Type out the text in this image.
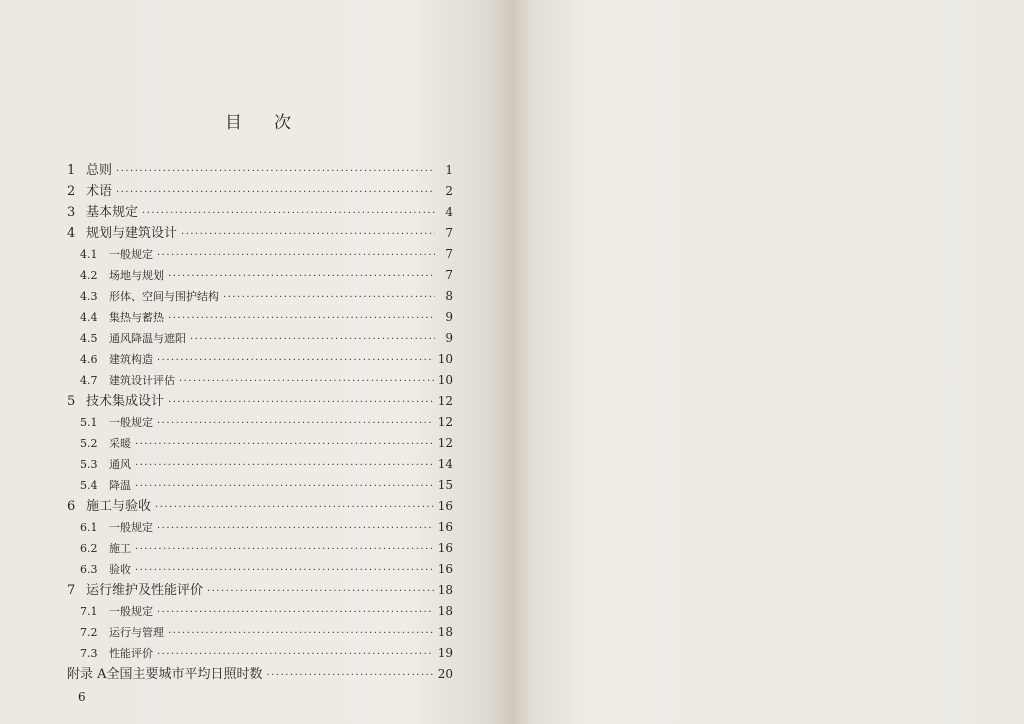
目 次
1 总则 ·····	1
2 术语 ·····	2
3 基本规定 ·····	4
4 规划与建筑设计 ·····	7
4.1	一般规定 ·····	7
4.2	场地与规划 ·····	7
4.3	形体、空间与围护结构 ·····	8
4.4	集热与蓄热 ·····	9
4.5	通风降温与遮阳 ·····	9
4.6	建筑构造 ·····	10
4.7	建筑设计评估 ·····	10
5 技术集成设计 ·····	12
5.1	一般规定 ·····	12
5.2	采暖 ·····	12
5.3	通风 ·····	14
5.4	降温 ·····	15
6 施工与验收 ·····	16
6.1	一般规定 ·····	16
6.2	施工 ·····	16
6.3	验收 ·····	16
7 运行维护及性能评价 ·····	18
7.1	一般规定 ·····	18
7.2	运行与管理 ·····	18
7.3	性能评价 ·····	19
附录 A 全国主要城市平均日照时数 ·····	20
6
